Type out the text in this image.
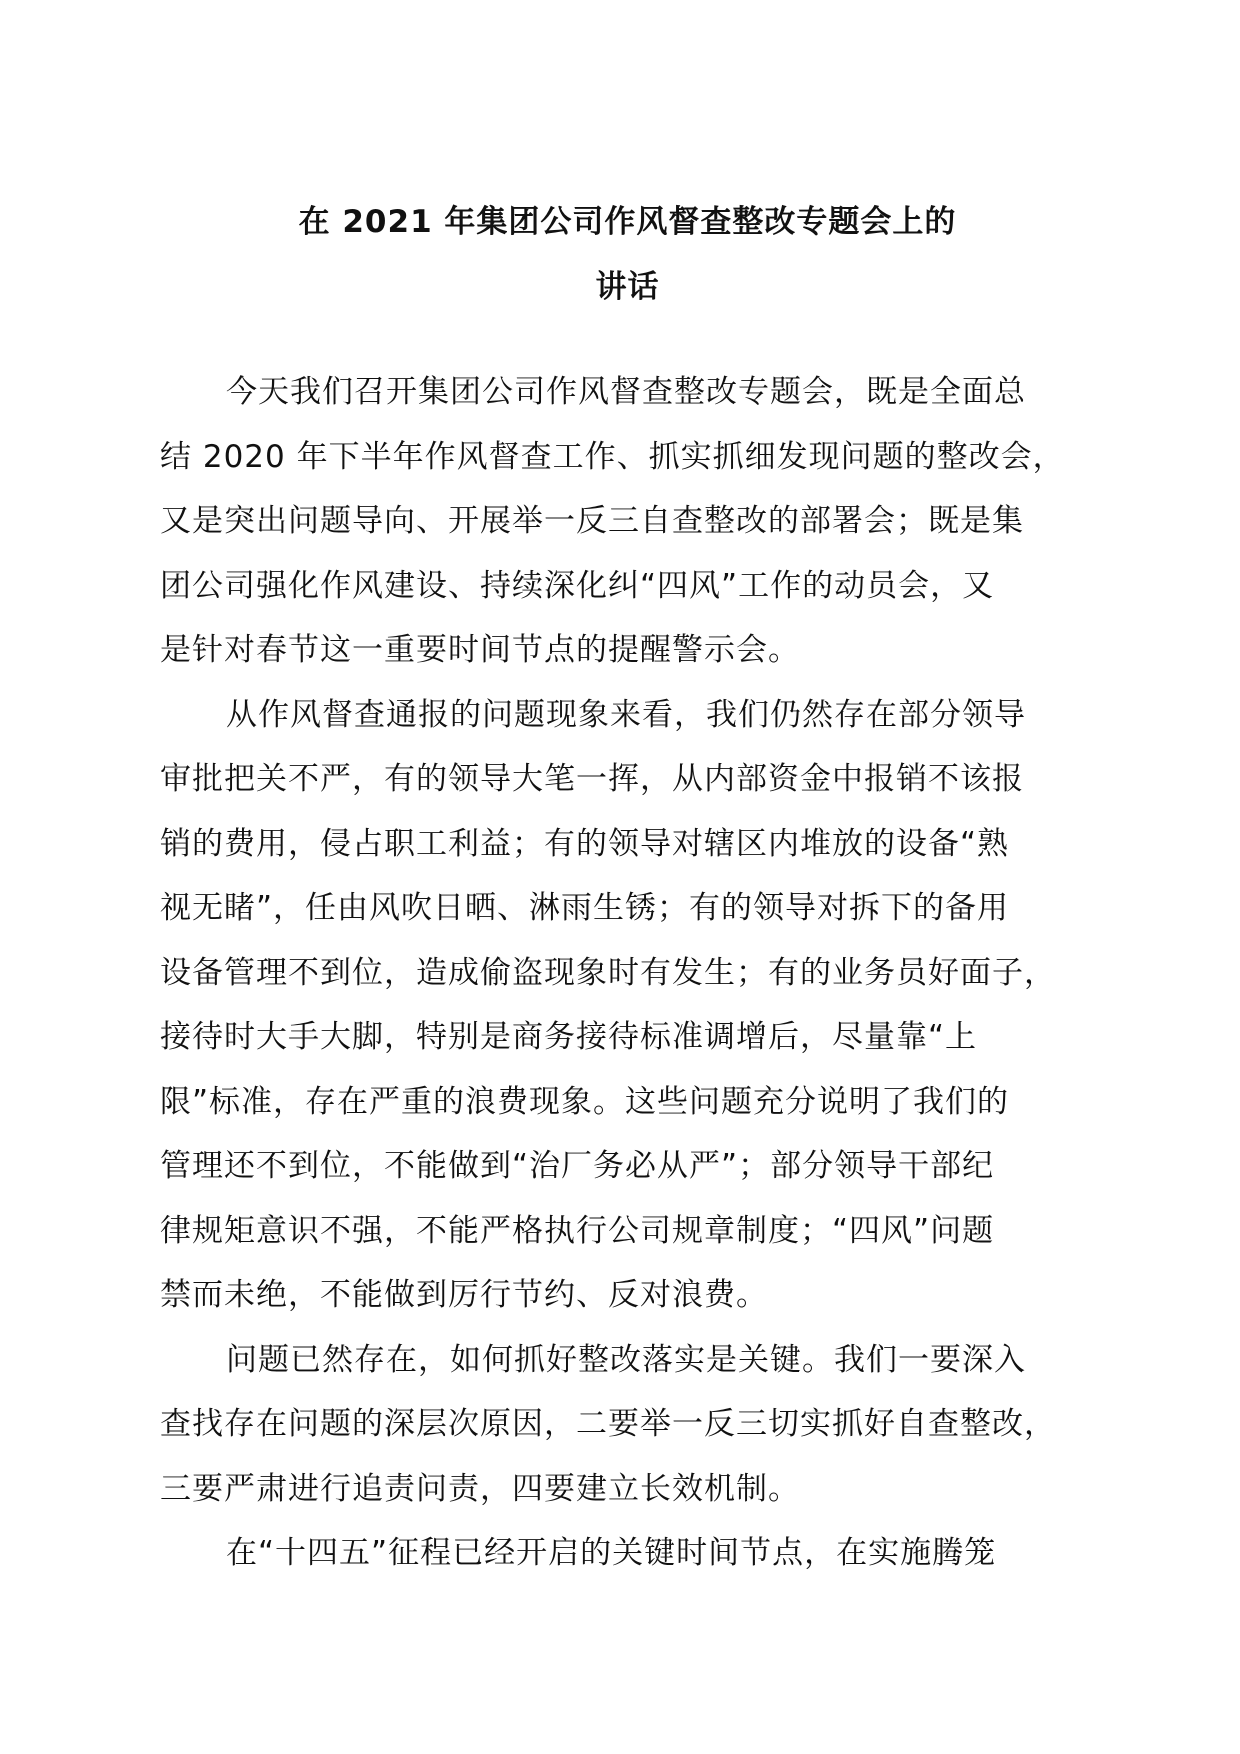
在 2021 年集团公司作风督查整改专题会上的
讲话
今天我们召开集团公司作风督查整改专题会，既是全面总
结 2020 年下半年作风督查工作、抓实抓细发现问题的整改会，
又是突出问题导向、开展举一反三自查整改的部署会；既是集
团公司强化作风建设、持续深化纠“四风”工作的动员会，又
是针对春节这一重要时间节点的提醒警示会。
从作风督查通报的问题现象来看，我们仍然存在部分领导
审批把关不严，有的领导大笔一挥，从内部资金中报销不该报
销的费用，侵占职工利益；有的领导对辖区内堆放的设备“熟
视无睹”，任由风吹日晒、淋雨生锈；有的领导对拆下的备用
设备管理不到位，造成偷盗现象时有发生；有的业务员好面子，
接待时大手大脚，特别是商务接待标准调增后，尽量靠“上
限”标准，存在严重的浪费现象。这些问题充分说明了我们的
管理还不到位，不能做到“治厂务必从严”；部分领导干部纪
律规矩意识不强，不能严格执行公司规章制度；“四风”问题
禁而未绝，不能做到厉行节约、反对浪费。
问题已然存在，如何抓好整改落实是关键。我们一要深入
查找存在问题的深层次原因，二要举一反三切实抓好自查整改，
三要严肃进行追责问责，四要建立长效机制。
在“十四五”征程已经开启的关键时间节点，在实施腾笼
